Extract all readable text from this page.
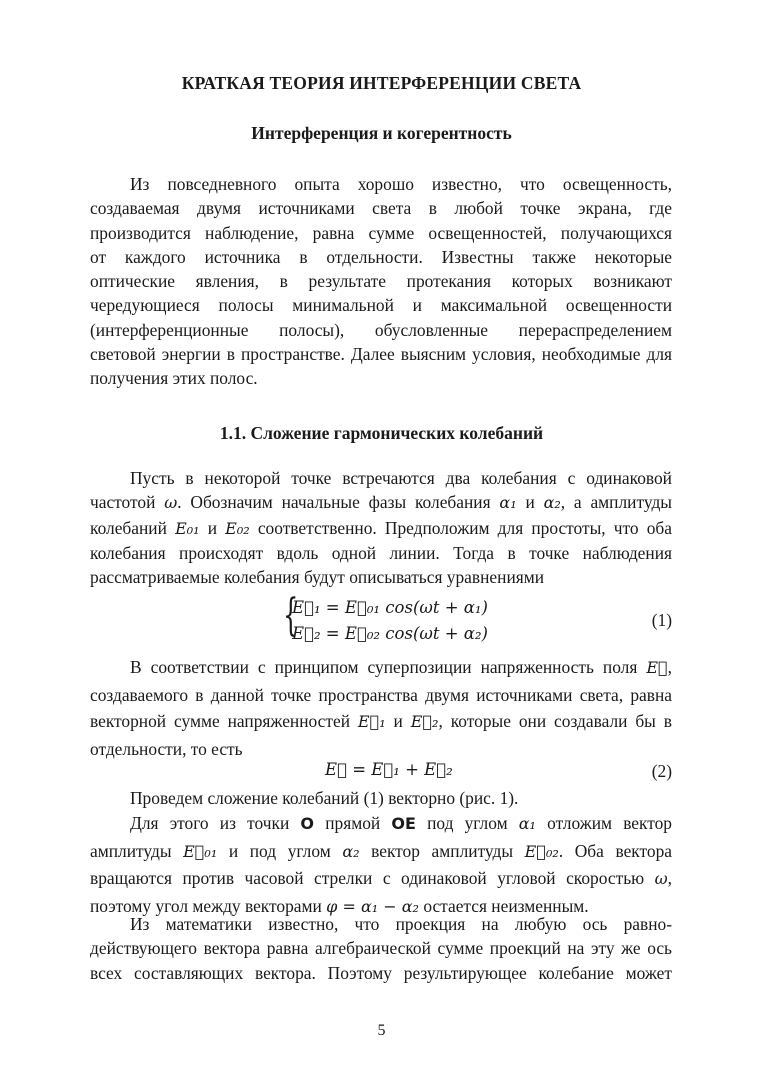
КРАТКАЯ ТЕОРИЯ ИНТЕРФЕРЕНЦИИ СВЕТА
Интерференция и когерентность
Из повседневного опыта хорошо известно, что освещенность,
создаваемая двумя источниками света в любой точке экрана, где
производится наблюдение, равна сумме освещенностей, получающихся
от каждого источника в отдельности. Известны также некоторые
оптические явления, в результате протекания которых возникают
чередующиеся полосы минимальной и максимальной освещенности
(интерференционные полосы), обусловленные перераспределением
световой энергии в пространстве. Далее выясним условия, необходимые для
получения этих полос.
1.1. Сложение гармонических колебаний
Пусть в некоторой точке встречаются два колебания с одинаковой
частотой ω. Обозначим начальные фазы колебания α₁ и α₂, а амплитуды
колебаний E₀₁ и E₀₂ соответственно. Предположим для простоты, что оба
колебания происходят вдоль одной линии. Тогда в точке наблюдения
рассматриваемые колебания будут описываться уравнениями
{
E⃗₁ = E⃗₀₁ cos(ωt + α₁)
E⃗₂ = E⃗₀₂ cos(ωt + α₂)
(1)
В соответствии с принципом суперпозиции напряженность поля E⃗,
создаваемого в данной точке пространства двумя источниками света, равна
векторной сумме напряженностей E⃗₁ и E⃗₂, которые они создавали бы в
отдельности, то есть
E⃗ = E⃗₁ + E⃗₂	(2)
Проведем сложение колебаний (1) векторно (рис. 1).
Для этого из точки O прямой OE под углом α₁ отложим вектор
амплитуды E⃗₀₁ и под углом α₂ вектор амплитуды E⃗₀₂. Оба вектора
вращаются против часовой стрелки с одинаковой угловой скоростью ω,
поэтому угол между векторами φ = α₁ − α₂ остается неизменным.
Из математики известно, что проекция на любую ось равно-
действующего вектора равна алгебраической сумме проекций на эту же ось
всех составляющих вектора. Поэтому результирующее колебание может
5
